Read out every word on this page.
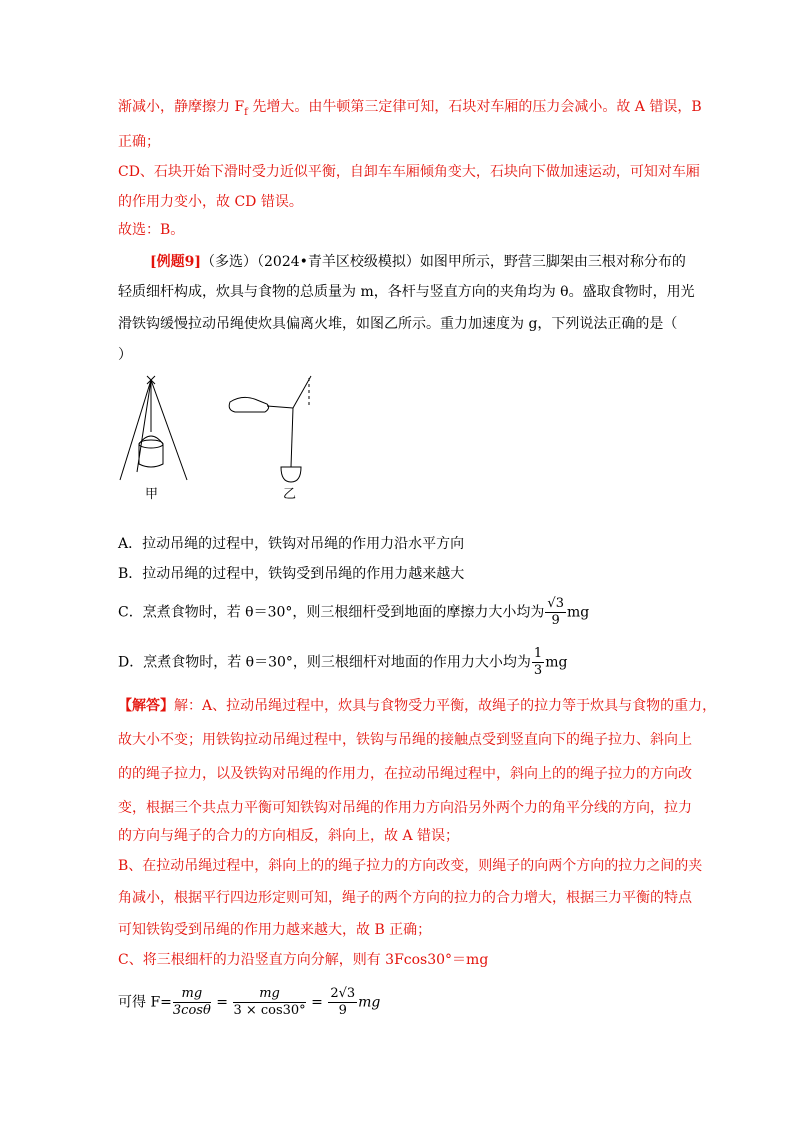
渐减小，静摩擦力 $F_f$ 先增大。由牛顿第三定律可知，石块对车厢的压力会减小。故 A 错误，B
正确；
CD、石块开始下滑时受力近似平衡，自卸车车厢倾角变大，石块向下做加速运动，可知对车厢
的作用力变小，故 CD 错误。
故选：B。
[例题9]（多选）（2024•青羊区校级模拟）如图甲所示，野营三脚架由三根对称分布的
轻质细杆构成，炊具与食物的总质量为 m，各杆与竖直方向的夹角均为 θ。盛取食物时，用光
滑铁钩缓慢拉动吊绳使炊具偏离火堆，如图乙所示。重力加速度为 g，下列说法正确的是（
）
甲	乙
A．拉动吊绳的过程中，铁钩对吊绳的作用力沿水平方向
B．拉动吊绳的过程中，铁钩受到吊绳的作用力越来越大
C．烹煮食物时，若 θ＝30°，则三根细杆受到地面的摩擦力大小均为 $\frac{√3}{9}$ mg
D．烹煮食物时，若 θ＝30°，则三根细杆对地面的作用力大小均为 $\frac{1}{3}$ mg
【解答】解：A、拉动吊绳过程中，炊具与食物受力平衡，故绳子的拉力等于炊具与食物的重力，
故大小不变；用铁钩拉动吊绳过程中，铁钩与吊绳的接触点受到竖直向下的绳子拉力、斜向上
的的绳子拉力，以及铁钩对吊绳的作用力，在拉动吊绳过程中，斜向上的的绳子拉力的方向改
变，根据三个共点力平衡可知铁钩对吊绳的作用力方向沿另外两个力的角平分线的方向，拉力
的方向与绳子的合力的方向相反，斜向上，故 A 错误；
B、在拉动吊绳过程中，斜向上的的绳子拉力的方向改变，则绳子的向两个方向的拉力之间的夹
角减小，根据平行四边形定则可知，绳子的两个方向的拉力的合力增大，根据三力平衡的特点
可知铁钩受到吊绳的作用力越来越大，故 B 正确；
C、将三根细杆的力沿竖直方向分解，则有 3Fcos30°＝mg
可得 $F= \frac{mg}{3\cos\theta} = \frac{mg}{3 \times \cos 30^\circ} = \frac{2√3}{9}$ mg
